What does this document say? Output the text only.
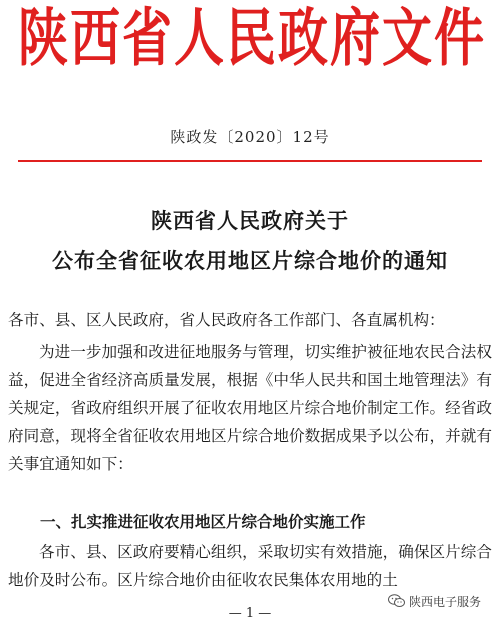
陕 西 省 人 民 政 府 文 件
陕政发〔2020〕12号
陕西省人民政府关于
公布全省征收农用地区片综合地价的通知

各市、县、区人民政府，省人民政府各工作部门、各直属机构：

为进一步加强和改进征地服务与管理，切实维护被征地农民合法权益，促进全省经济高质量发展，根据《中华人民共和国土地管理法》有关规定，省政府组织开展了征收农用地区片综合地价制定工作。经省政府同意，现将全省征收农用地区片综合地价数据成果予以公布，并就有关事宜通知如下：

一、扎实推进征收农用地区片综合地价实施工作

各市、县、区政府要精心组织，采取切实有效措施，确保区片综合地价及时公布。区片综合地价由征收农民集体农用地的土

陕西电子服务
— 1 —
